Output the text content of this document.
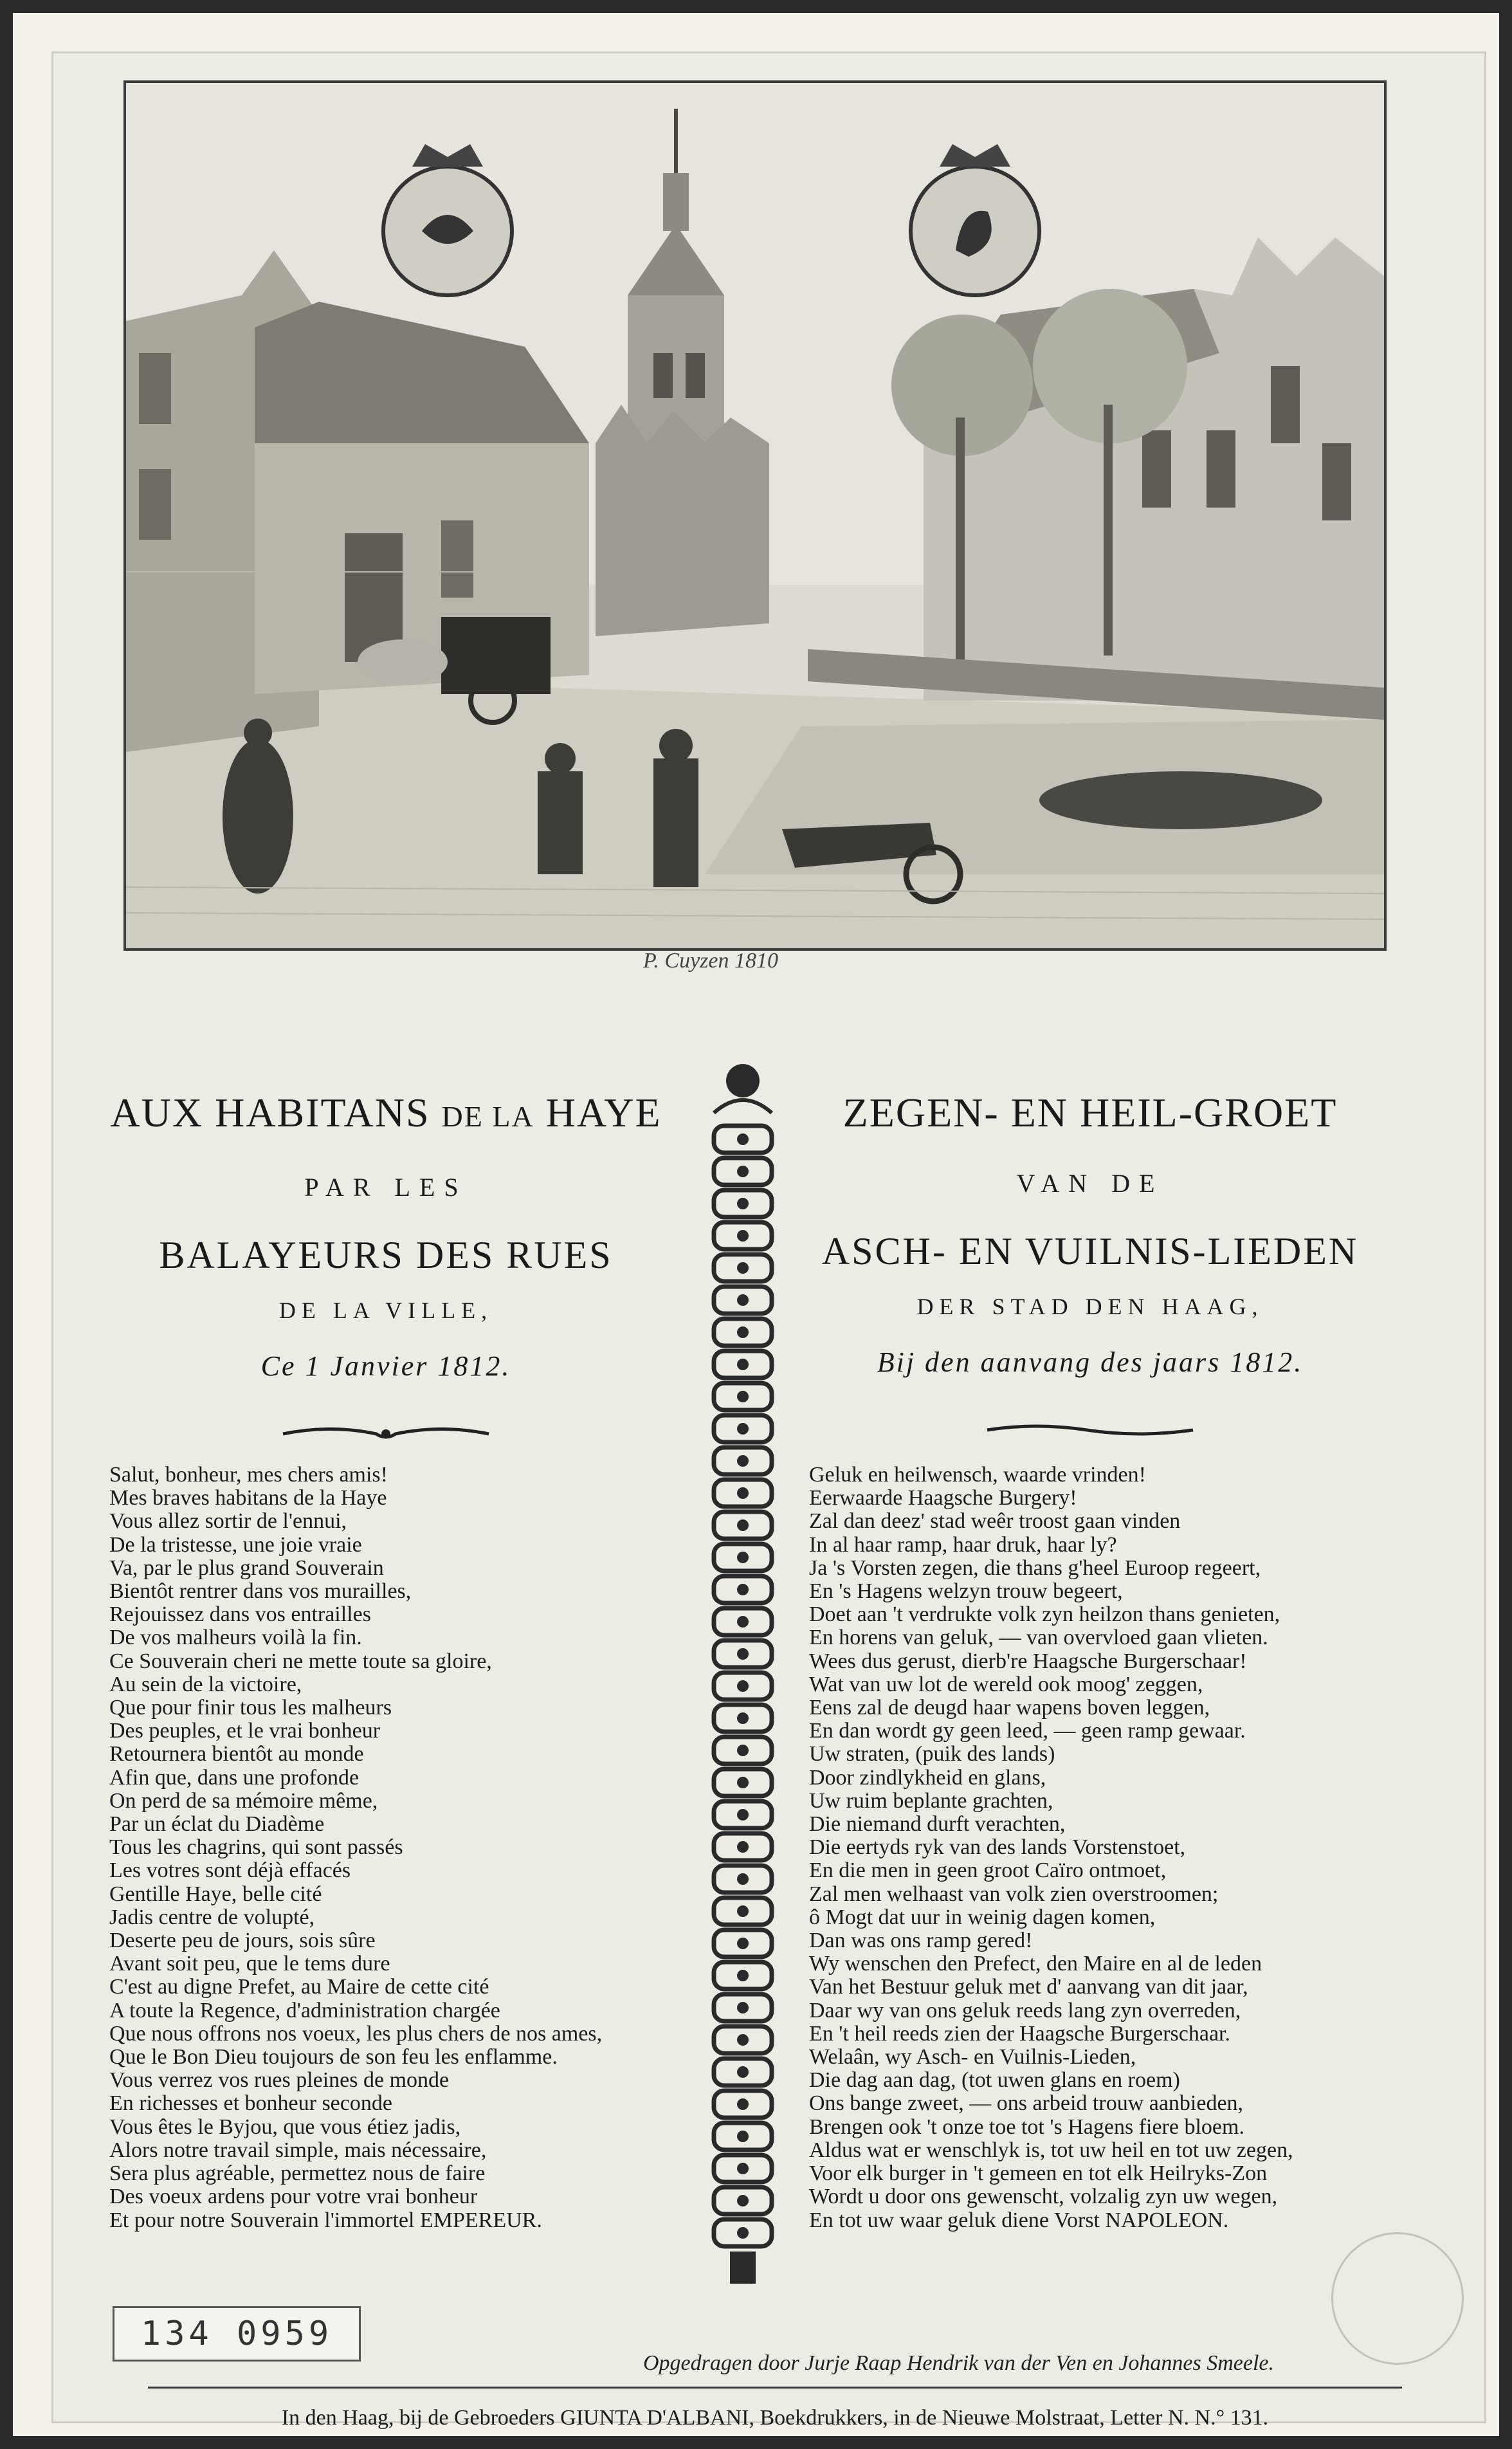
P. Cuyzen 1810
AUX HABITANS DE LA HAYE
PAR LES
BALAYEURS DES RUES
DE LA VILLE,
Ce 1 Janvier 1812.
ZEGEN- EN HEIL-GROET
VAN DE
ASCH- EN VUILNIS-LIEDEN
DER STAD DEN HAAG,
Bij den aanvang des jaars 1812.
Salut, bonheur, mes chers amis!
Mes braves habitans de la Haye
Vous allez sortir de l'ennui,
De la tristesse, une joie vraie
Va, par le plus grand Souverain
Bientôt rentrer dans vos murailles,
Rejouissez dans vos entrailles
De vos malheurs voilà la fin.
Ce Souverain cheri ne mette toute sa gloire,
Au sein de la victoire,
Que pour finir tous les malheurs
Des peuples, et le vrai bonheur
Retournera bientôt au monde
Afin que, dans une profonde
On perd de sa mémoire même,
Par un éclat du Diadème
Tous les chagrins, qui sont passés
Les votres sont déjà effacés
Gentille Haye, belle cité
Jadis centre de volupté,
Deserte peu de jours, sois sûre
Avant soit peu, que le tems dure
C'est au digne Prefet, au Maire de cette cité
A toute la Regence, d'administration chargée
Que nous offrons nos voeux, les plus chers de nos ames,
Que le Bon Dieu toujours de son feu les enflamme.
Vous verrez vos rues pleines de monde
En richesses et bonheur seconde
Vous êtes le Byjou, que vous étiez jadis,
Alors notre travail simple, mais nécessaire,
Sera plus agréable, permettez nous de faire
Des voeux ardens pour votre vrai bonheur
Et pour notre Souverain l'immortel EMPEREUR.
Geluk en heilwensch, waarde vrinden!
Eerwaarde Haagsche Burgery!
Zal dan deez' stad weêr troost gaan vinden
In al haar ramp, haar druk, haar ly?
Ja 's Vorsten zegen, die thans g'heel Euroop regeert,
En 's Hagens welzyn trouw begeert,
Doet aan 't verdrukte volk zyn heilzon thans genieten,
En horens van geluk, — van overvloed gaan vlieten.
Wees dus gerust, dierb're Haagsche Burgerschaar!
Wat van uw lot de wereld ook moog' zeggen,
Eens zal de deugd haar wapens boven leggen,
En dan wordt gy geen leed, — geen ramp gewaar.
Uw straten, (puik des lands)
Door zindlykheid en glans,
Uw ruim beplante grachten,
Die niemand durft verachten,
Die eertyds ryk van des lands Vorstenstoet,
En die men in geen groot Caïro ontmoet,
Zal men welhaast van volk zien overstroomen;
ô Mogt dat uur in weinig dagen komen,
Dan was ons ramp gered!
Wy wenschen den Prefect, den Maire en al de leden
Van het Bestuur geluk met d' aanvang van dit jaar,
Daar wy van ons geluk reeds lang zyn overreden,
En 't heil reeds zien der Haagsche Burgerschaar.
Welaân, wy Asch- en Vuilnis-Lieden,
Die dag aan dag, (tot uwen glans en roem)
Ons bange zweet, — ons arbeid trouw aanbieden,
Brengen ook 't onze toe tot 's Hagens fiere bloem.
Aldus wat er wenschlyk is, tot uw heil en tot uw zegen,
Voor elk burger in 't gemeen en tot elk Heilryks-Zon
Wordt u door ons gewenscht, volzalig zyn uw wegen,
En tot uw waar geluk diene Vorst NAPOLEON.
134 0959
Opgedragen door Jurje Raap Hendrik van der Ven en Johannes Smeele.
In den Haag, bij de Gebroeders GIUNTA D'ALBANI, Boekdrukkers, in de Nieuwe Molstraat, Letter N. N.° 131.
